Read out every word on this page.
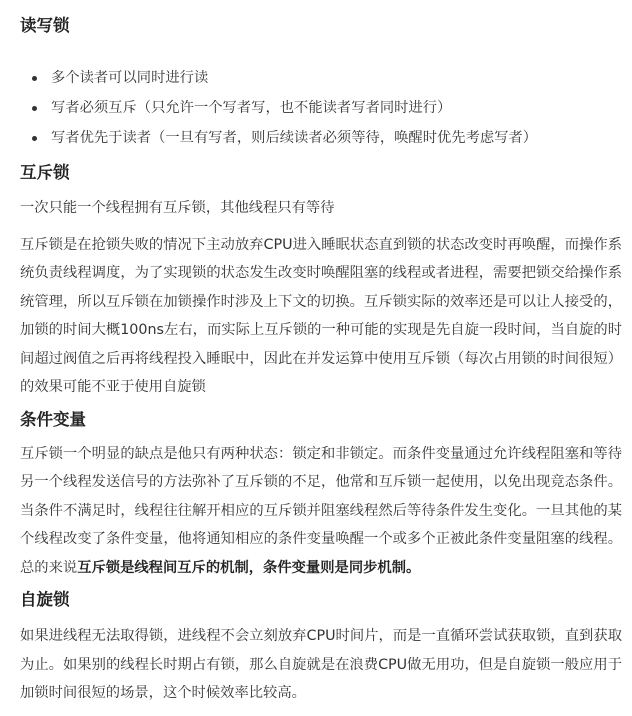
读写锁
多个读者可以同时进行读
写者必须互斥（只允许一个写者写，也不能读者写者同时进行）
写者优先于读者（一旦有写者，则后续读者必须等待，唤醒时优先考虑写者）
互斥锁

一次只能一个线程拥有互斥锁，其他线程只有等待

互斥锁是在抢锁失败的情况下主动放弃CPU进入睡眠状态直到锁的状态改变时再唤醒，而操作系统负责线程调度，为了实现锁的状态发生改变时唤醒阻塞的线程或者进程，需要把锁交给操作系统管理，所以互斥锁在加锁操作时涉及上下文的切换。互斥锁实际的效率还是可以让人接受的，加锁的时间大概100ns左右，而实际上互斥锁的一种可能的实现是先自旋一段时间，当自旋的时间超过阀值之后再将线程投入睡眠中，因此在并发运算中使用互斥锁（每次占用锁的时间很短）的效果可能不亚于使用自旋锁

条件变量

互斥锁一个明显的缺点是他只有两种状态：锁定和非锁定。而条件变量通过允许线程阻塞和等待另一个线程发送信号的方法弥补了互斥锁的不足，他常和互斥锁一起使用，以免出现竞态条件。当条件不满足时，线程往往解开相应的互斥锁并阻塞线程然后等待条件发生变化。一旦其他的某个线程改变了条件变量，他将通知相应的条件变量唤醒一个或多个正被此条件变量阻塞的线程。总的来说互斥锁是线程间互斥的机制，条件变量则是同步机制。

自旋锁

如果进线程无法取得锁，进线程不会立刻放弃CPU时间片，而是一直循环尝试获取锁，直到获取为止。如果别的线程长时期占有锁，那么自旋就是在浪费CPU做无用功，但是自旋锁一般应用于加锁时间很短的场景，这个时候效率比较高。
